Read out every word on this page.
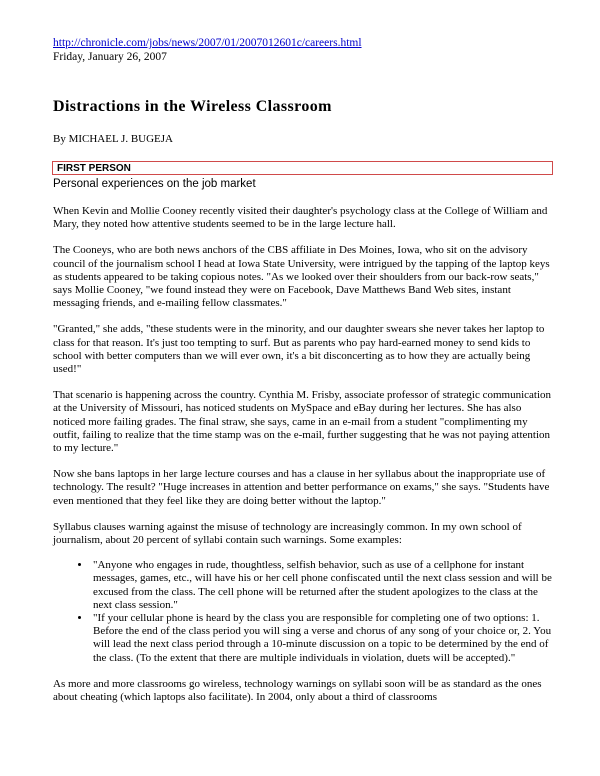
http://chronicle.com/jobs/news/2007/01/2007012601c/careers.html
Friday, January 26, 2007
Distractions in the Wireless Classroom
By MICHAEL J. BUGEJA
FIRST PERSON
Personal experiences on the job market

When Kevin and Mollie Cooney recently visited their daughter's psychology class at the College of William and Mary, they noted how attentive students seemed to be in the large lecture hall.

The Cooneys, who are both news anchors of the CBS affiliate in Des Moines, Iowa, who sit on the advisory council of the journalism school I head at Iowa State University, were intrigued by the tapping of the laptop keys as students appeared to be taking copious notes. "As we looked over their shoulders from our back-row seats," says Mollie Cooney, "we found instead they were on Facebook, Dave Matthews Band Web sites, instant messaging friends, and e-mailing fellow classmates."

"Granted," she adds, "these students were in the minority, and our daughter swears she never takes her laptop to class for that reason. It's just too tempting to surf. But as parents who pay hard-earned money to send kids to school with better computers than we will ever own, it's a bit disconcerting as to how they are actually being used!"

That scenario is happening across the country. Cynthia M. Frisby, associate professor of strategic communication at the University of Missouri, has noticed students on MySpace and eBay during her lectures. She has also noticed more failing grades. The final straw, she says, came in an e-mail from a student "complimenting my outfit, failing to realize that the time stamp was on the e-mail, further suggesting that he was not paying attention to my lecture."

Now she bans laptops in her large lecture courses and has a clause in her syllabus about the inappropriate use of technology. The result? "Huge increases in attention and better performance on exams," she says. "Students have even mentioned that they feel like they are doing better without the laptop."

Syllabus clauses warning against the misuse of technology are increasingly common. In my own school of journalism, about 20 percent of syllabi contain such warnings. Some examples:

• "Anyone who engages in rude, thoughtless, selfish behavior, such as use of a cellphone for instant messages, games, etc., will have his or her cell phone confiscated until the next class session and will be excused from the class. The cell phone will be returned after the student apologizes to the class at the next class session."
• "If your cellular phone is heard by the class you are responsible for completing one of two options: 1. Before the end of the class period you will sing a verse and chorus of any song of your choice or, 2. You will lead the next class period through a 10-minute discussion on a topic to be determined by the end of the class. (To the extent that there are multiple individuals in violation, duets will be accepted)."

As more and more classrooms go wireless, technology warnings on syllabi soon will be as standard as the ones about cheating (which laptops also facilitate). In 2004, only about a third of classrooms
